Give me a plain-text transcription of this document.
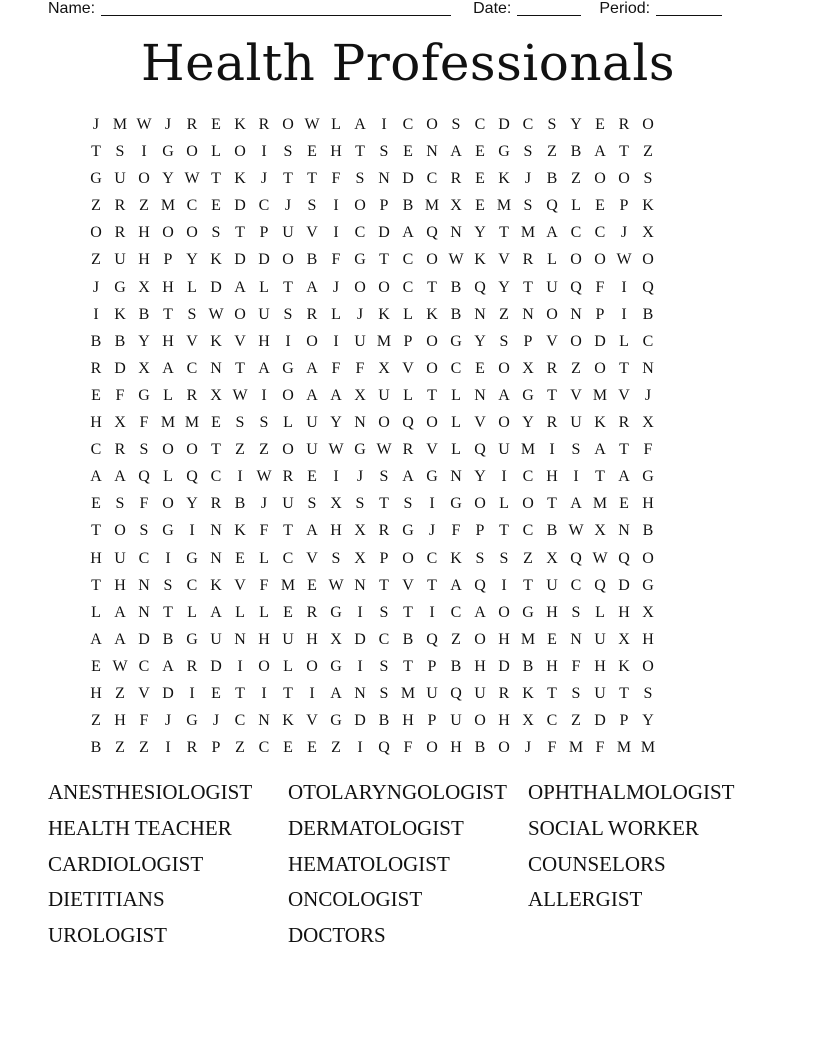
Name:	Date:	Period:
Health Professionals
J M W J R E K R O W L A I	C O S C D C S Y E R O
T S	I G O L O I	S E H T S E N A E G S Z B A T Z
G U O Y W T K J	T T F S N D C R E K J B Z O O S
Z R Z M C E D C J	S	I O P B M X E M S Q L E P K
O R H O O S T P U V I	C D A Q N Y T M A C C J X
Z U H P Y K D D O B F G T C O W K V R L O O W O
J G X H L D A L T A J O O C T B Q Y T U Q F	I Q
I K B T S W O U S R L J K L K B N Z N O N P	I	B
B B Y H V K V H I O I U M P O G Y S P V O D L C
R D X A C N T A G A F F X V O C E O X R Z O T N
E F G L R X W I O A A X U L T L N A G T V M V J
H X F M M E S S L U Y N O Q O L V O Y R U K R X
C R S O O T Z Z O U W G W R V L Q U M I	S A T F
A A Q L Q C	I W R E	I	J	S A G N Y I	C H I	T A G
E S F O Y R B J U S X S T S	I G O L O T A M E H
T O S G I N K F T A H X R G J	F P T C B W X N B
H U C	I G N E L C V S X P O C K S S Z X Q W Q O
T H N S C K V F M E W N T V T A Q I	T U C Q D G
L A N T L A L L E R G I	S T	I	C A O G H S L H X
A A D B G U N H U H X D C B Q Z O H M E N U X H
E W C A R D I O L O G I	S T P B H D B H F H K O
H Z V D I	E T	I	T	I A N S M U Q U R K T S U T S
Z H F	J G J C N K V G D B H P U O H X C Z D P Y
B Z Z	I	R P Z C E E Z	I Q F O H B O J	F M F M M
ANESTHESIOLOGIST	OTOLARYNGOLOGIST	OPHTHALMOLOGIST
HEALTH TEACHER	DERMATOLOGIST	SOCIAL WORKER
CARDIOLOGIST	HEMATOLOGIST	COUNSELORS
DIETITIANS	ONCOLOGIST	ALLERGIST
UROLOGIST	DOCTORS
